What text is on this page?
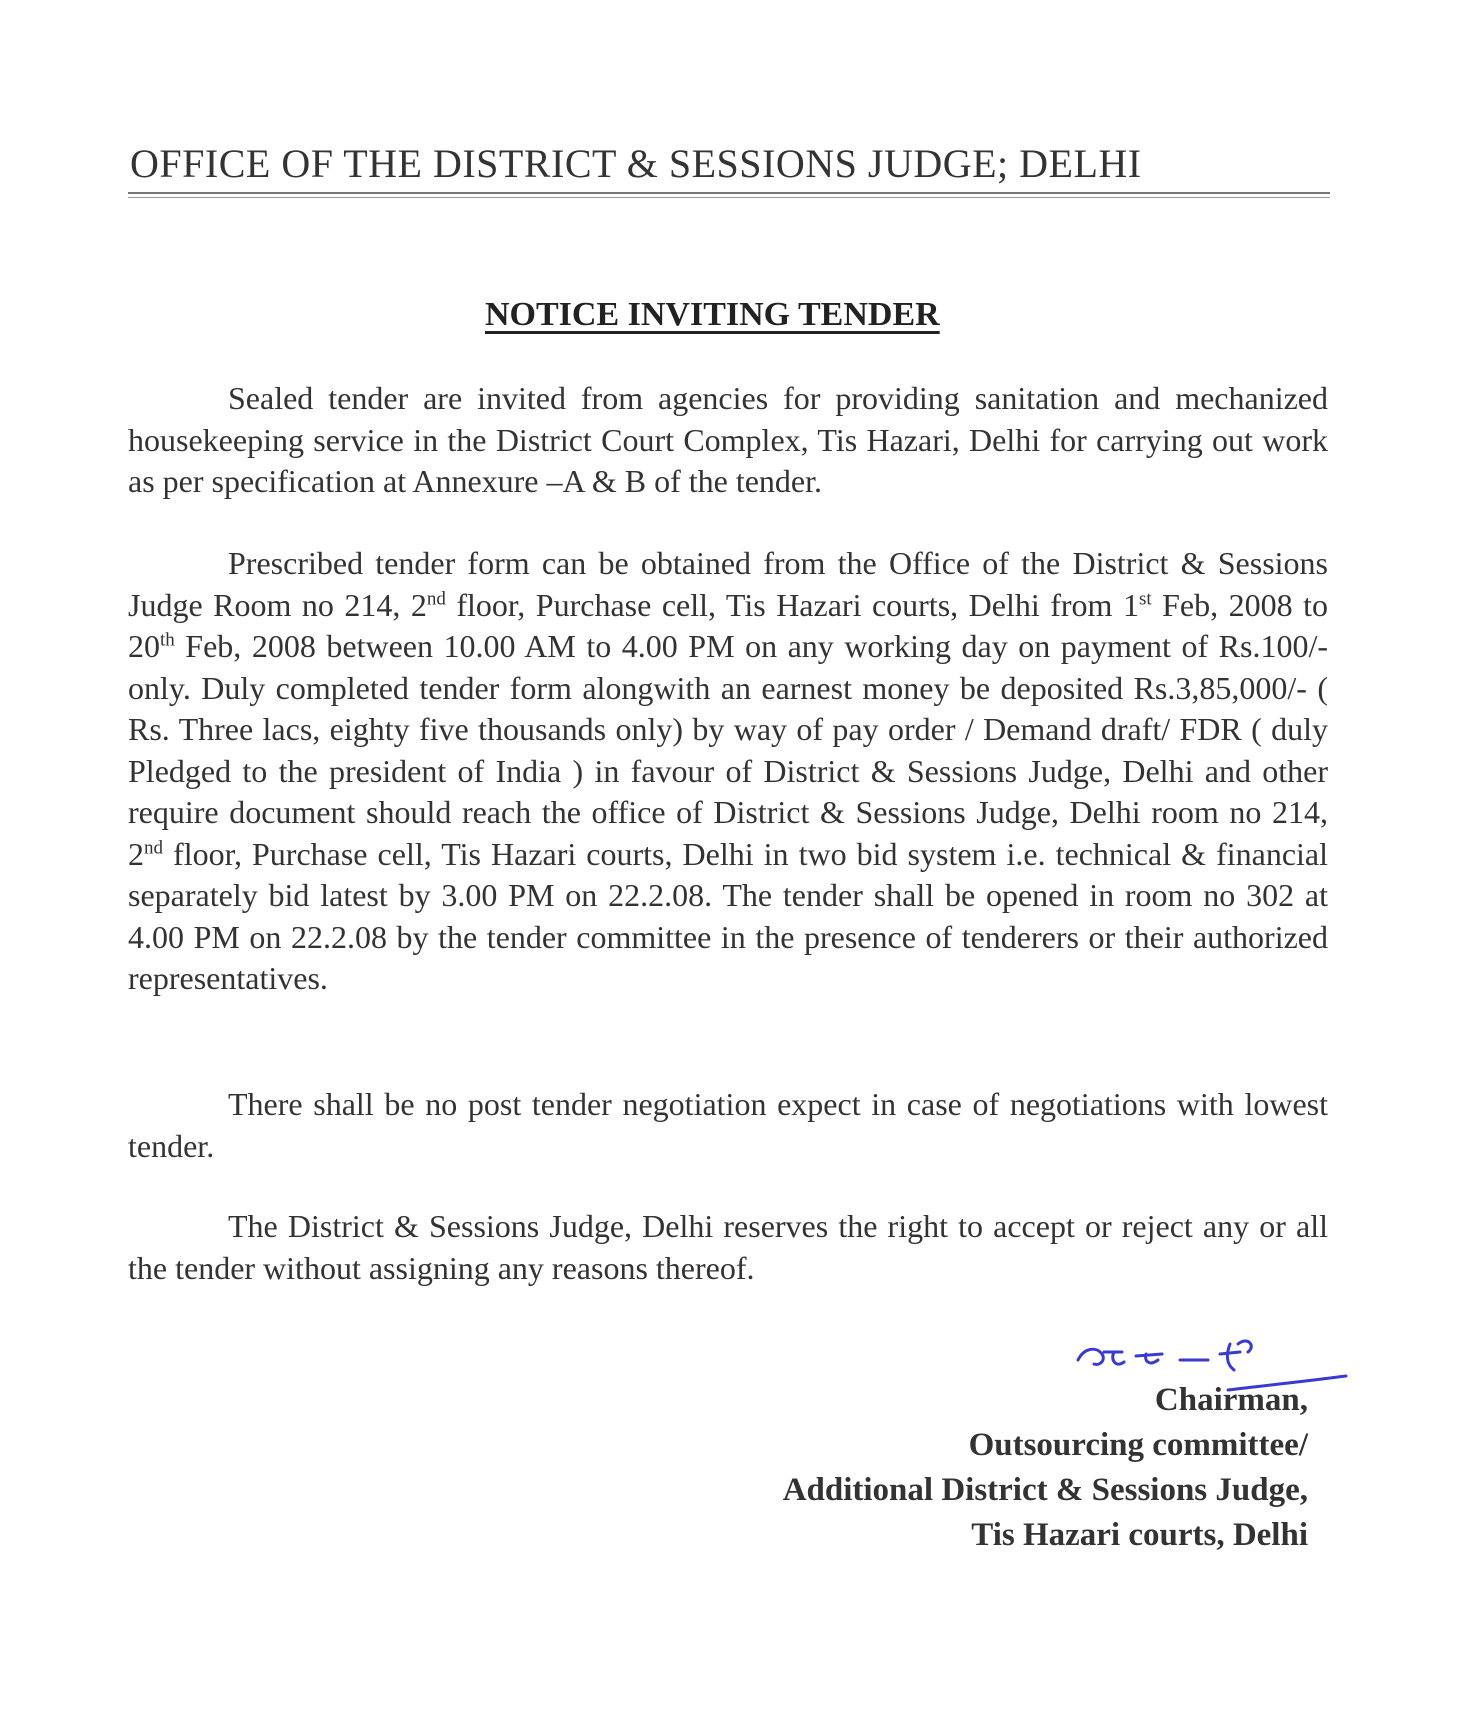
OFFICE OF THE DISTRICT & SESSIONS JUDGE; DELHI
NOTICE INVITING TENDER

Sealed tender are invited from agencies for providing sanitation and mechanized housekeeping service in the District Court Complex, Tis Hazari, Delhi for carrying out work as per specification at Annexure –A & B of the tender.

Prescribed tender form can be obtained from the Office of the District & Sessions Judge Room no 214, 2nd floor, Purchase cell, Tis Hazari courts, Delhi from 1st Feb, 2008 to 20th Feb, 2008 between 10.00 AM to 4.00 PM on any working day on payment of Rs.100/- only. Duly completed tender form alongwith an earnest money be deposited Rs.3,85,000/- ( Rs. Three lacs, eighty five thousands only) by way of pay order / Demand draft/ FDR ( duly Pledged to the president of India ) in favour of District & Sessions Judge, Delhi and other require document should reach the office of District & Sessions Judge, Delhi room no 214, 2nd floor, Purchase cell, Tis Hazari courts, Delhi in two bid system i.e. technical & financial separately bid latest by 3.00 PM on 22.2.08. The tender shall be opened in room no 302 at 4.00 PM on 22.2.08 by the tender committee in the presence of tenderers or their authorized representatives.

There shall be no post tender negotiation expect in case of negotiations with lowest tender.

The District & Sessions Judge, Delhi reserves the right to accept or reject any or all the tender without assigning any reasons thereof.

Chairman,
Outsourcing committee/
Additional District & Sessions Judge,
Tis Hazari courts, Delhi
